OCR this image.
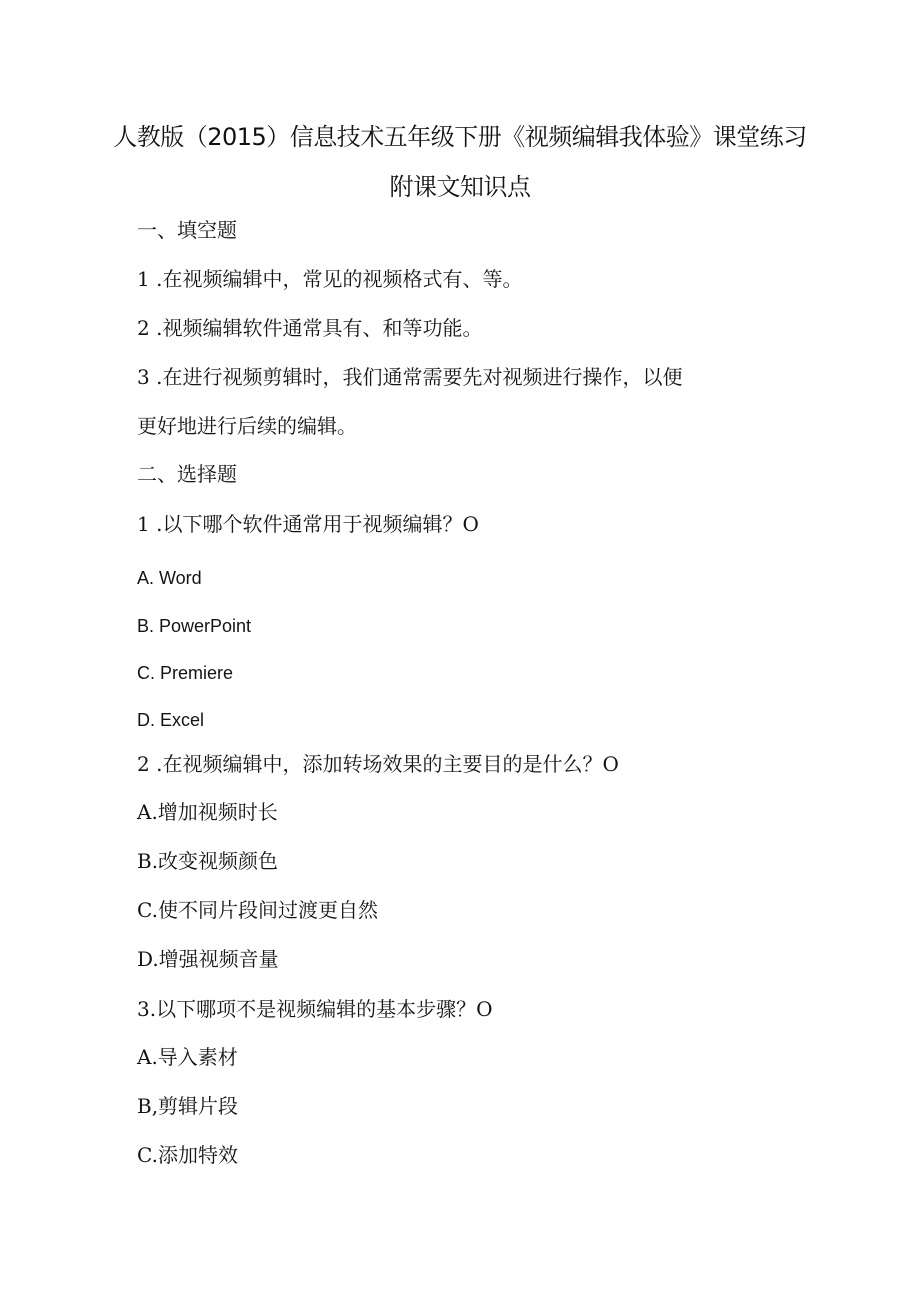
人教版（2015）信息技术五年级下册《视频编辑我体验》课堂练习
附课文知识点
一、填空题
1 .在视频编辑中，常见的视频格式有、等。
2 .视频编辑软件通常具有、和等功能。
3 .在进行视频剪辑时，我们通常需要先对视频进行操作，以便
更好地进行后续的编辑。
二、选择题
1 .以下哪个软件通常用于视频编辑？O
A. Word
B. PowerPoint
C. Premiere
D. Excel
2 .在视频编辑中，添加转场效果的主要目的是什么？O
A.增加视频时长
B.改变视频颜色
C.使不同片段间过渡更自然
D.增强视频音量
3.以下哪项不是视频编辑的基本步骤？O
A.导入素材
B,剪辑片段
C.添加特效
